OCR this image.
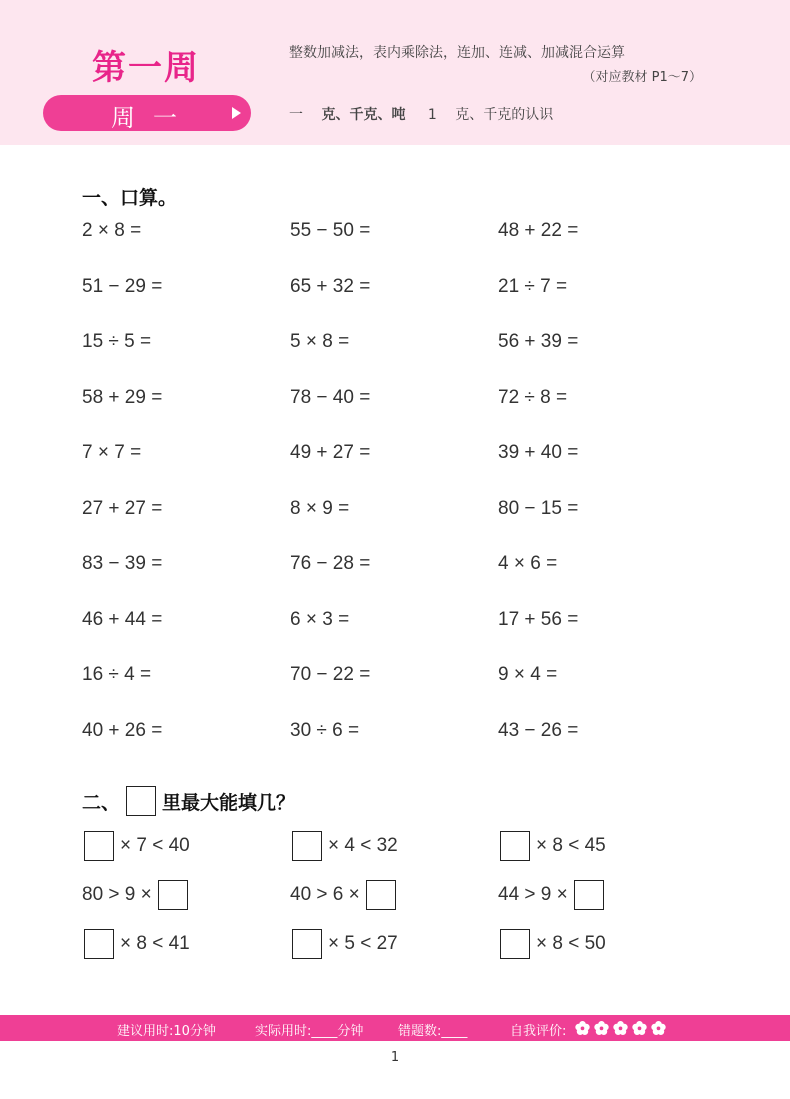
第一周
周一
整数加减法，表内乘除法，连加、连减、加减混合运算
（对应教材 P1～7）
一 克、千克、吨 1 克、千克的认识
一、口算。
2 × 8 =	55 − 50 =	48 + 22 =
51 − 29 =	65 + 32 =	21 ÷ 7 =
15 ÷ 5 =	5 × 8 =	56 + 39 =
58 + 29 =	78 − 40 =	72 ÷ 8 =
7 × 7 =	49 + 27 =	39 + 40 =
27 + 27 =	8 × 9 =	80 − 15 =
83 − 39 =	76 − 28 =	4 × 6 =
46 + 44 =	6 × 3 =	17 + 56 =
16 ÷ 4 =	70 − 22 =	9 × 4 =
40 + 26 =	30 ÷ 6 =	43 − 26 =
二、 里最大能填几？
× 7 < 40	× 4 < 32	× 8 < 45
80 > 9 ×	40 > 6 ×	44 > 9 ×
× 8 < 41	× 5 < 27	× 8 < 50
建议用时:10分钟	实际用时:____分钟	错题数:____	自我评价:
1
